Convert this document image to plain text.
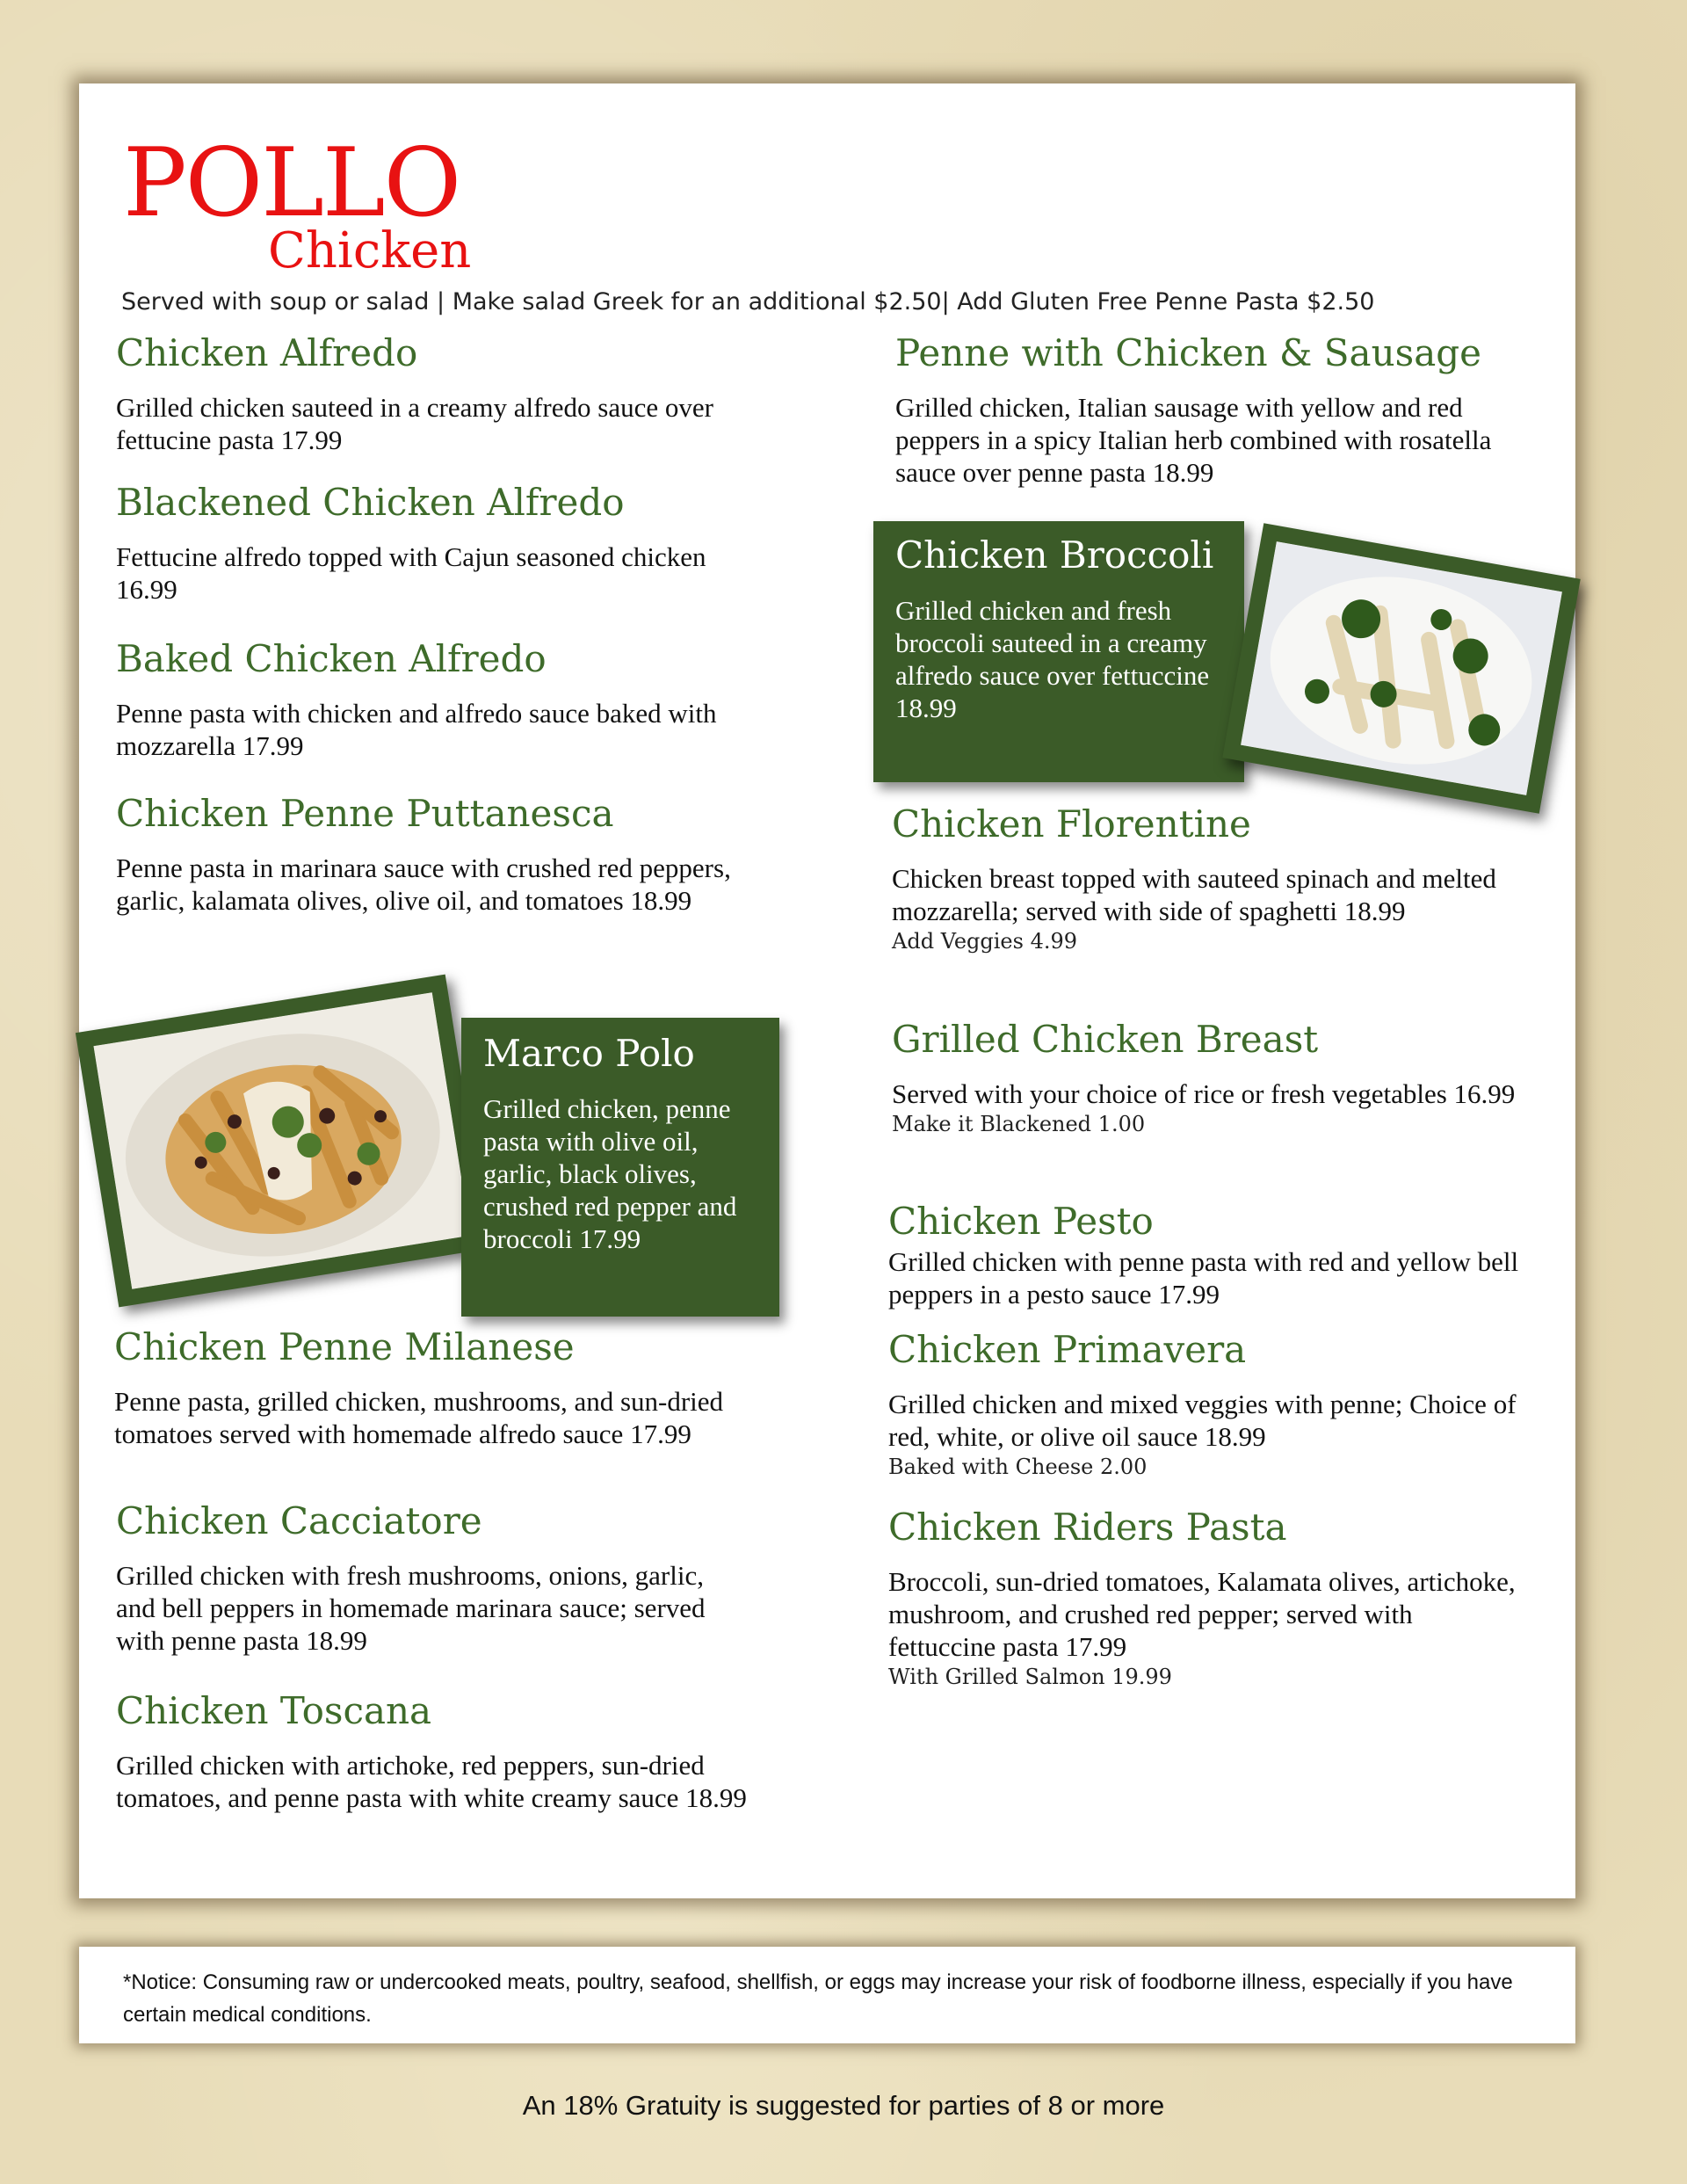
POLLO
Chicken
Served with soup or salad | Make salad Greek for an additional $2.50| Add Gluten Free Penne Pasta $2.50
Chicken Alfredo
Grilled chicken sauteed in a creamy alfredo sauce over fettucine pasta 17.99
Blackened Chicken Alfredo
Fettucine alfredo topped with Cajun seasoned chicken 16.99
Baked Chicken Alfredo
Penne pasta with chicken and alfredo sauce baked with mozzarella 17.99
Chicken Penne Puttanesca
Penne pasta in marinara sauce with crushed red peppers, garlic, kalamata olives, olive oil, and tomatoes 18.99
Marco Polo
Grilled chicken, penne pasta with olive oil, garlic, black olives, crushed red pepper and broccoli 17.99
Chicken Penne Milanese
Penne pasta, grilled chicken, mushrooms, and sun-dried tomatoes served with homemade alfredo sauce 17.99
Chicken Cacciatore
Grilled chicken with fresh mushrooms, onions, garlic, and bell peppers in homemade marinara sauce; served with penne pasta 18.99
Chicken Toscana
Grilled chicken with artichoke, red peppers, sun-dried tomatoes, and penne pasta with white creamy sauce 18.99
Penne with Chicken & Sausage
Grilled chicken, Italian sausage with yellow and red peppers in a spicy Italian herb combined with rosatella sauce over penne pasta 18.99
Chicken Broccoli
Grilled chicken and fresh broccoli sauteed in a creamy alfredo sauce over fettuccine 18.99
Chicken Florentine
Chicken breast topped with sauteed spinach and melted mozzarella; served with side of spaghetti 18.99
Add Veggies 4.99
Grilled Chicken Breast
Served with your choice of rice or fresh vegetables 16.99
Make it Blackened 1.00
Chicken Pesto
Grilled chicken with penne pasta with red and yellow bell peppers in a pesto sauce 17.99
Chicken Primavera
Grilled chicken and mixed veggies with penne; Choice of red, white, or olive oil sauce 18.99
Baked with Cheese 2.00
Chicken Riders Pasta
Broccoli, sun-dried tomatoes, Kalamata olives, artichoke, mushroom, and crushed red pepper; served with fettuccine pasta 17.99
With Grilled Salmon 19.99
*Notice: Consuming raw or undercooked meats, poultry, seafood, shellfish, or eggs may increase your risk of foodborne illness, especially if you have certain medical conditions.
An 18% Gratuity is suggested for parties of 8 or more
